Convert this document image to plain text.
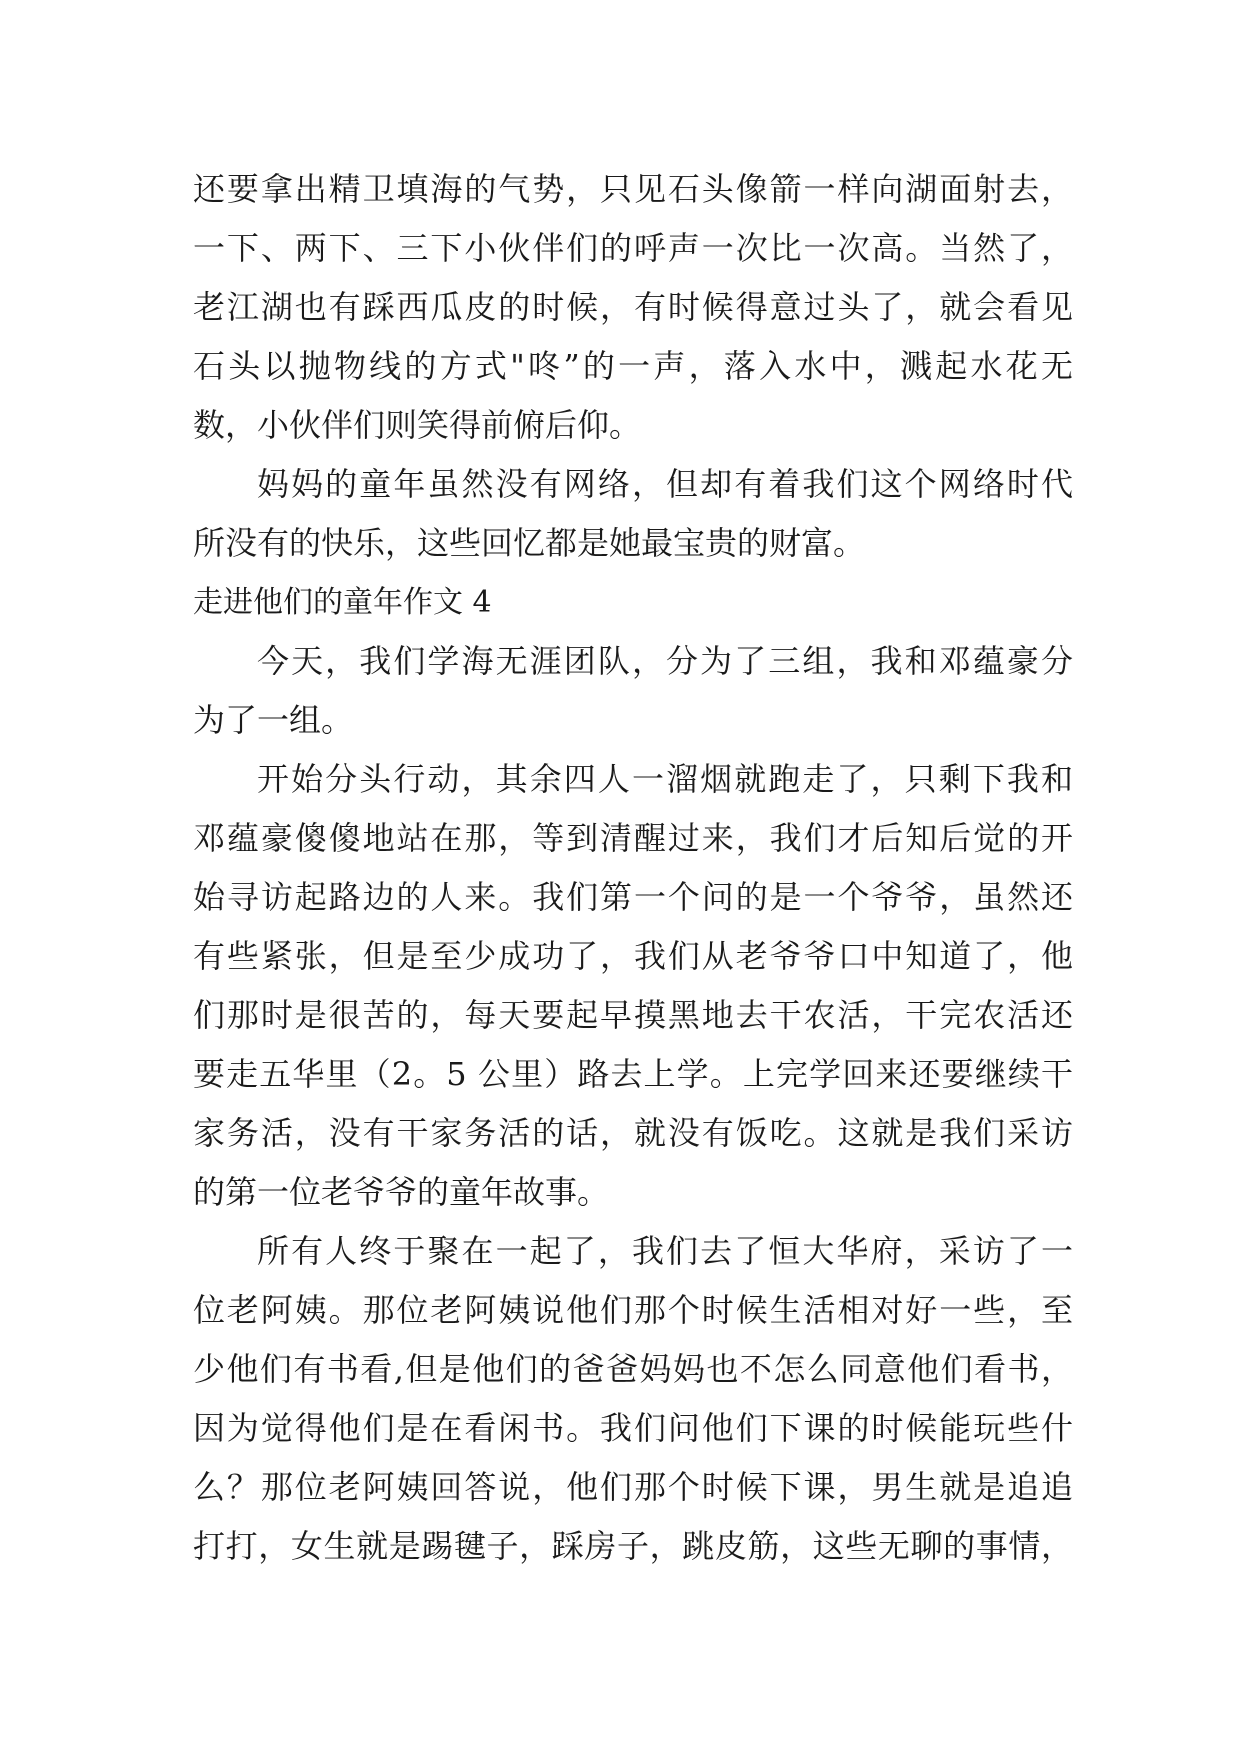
还要拿出精卫填海的气势，只见石头像箭一样向湖面射去，
一下、两下、三下小伙伴们的呼声一次比一次高。当然了，
老江湖也有踩西瓜皮的时候，有时候得意过头了，就会看见
石头以抛物线的方式"咚”的一声，落入水中，溅起水花无
数，小伙伴们则笑得前俯后仰。
妈妈的童年虽然没有网络，但却有着我们这个网络时代
所没有的快乐，这些回忆都是她最宝贵的财富。
走进他们的童年作文 4
今天，我们学海无涯团队，分为了三组，我和邓蕴豪分
为了一组。
开始分头行动，其余四人一溜烟就跑走了，只剩下我和
邓蕴豪傻傻地站在那，等到清醒过来，我们才后知后觉的开
始寻访起路边的人来。我们第一个问的是一个爷爷，虽然还
有些紧张，但是至少成功了，我们从老爷爷口中知道了，他
们那时是很苦的，每天要起早摸黑地去干农活，干完农活还
要走五华里（2。5 公里）路去上学。上完学回来还要继续干
家务活，没有干家务活的话，就没有饭吃。这就是我们采访
的第一位老爷爷的童年故事。
所有人终于聚在一起了，我们去了恒大华府，采访了一
位老阿姨。那位老阿姨说他们那个时候生活相对好一些，至
少他们有书看,但是他们的爸爸妈妈也不怎么同意他们看书，
因为觉得他们是在看闲书。我们问他们下课的时候能玩些什
么？那位老阿姨回答说，他们那个时候下课，男生就是追追
打打，女生就是踢毽子，踩房子，跳皮筋，这些无聊的事情，
